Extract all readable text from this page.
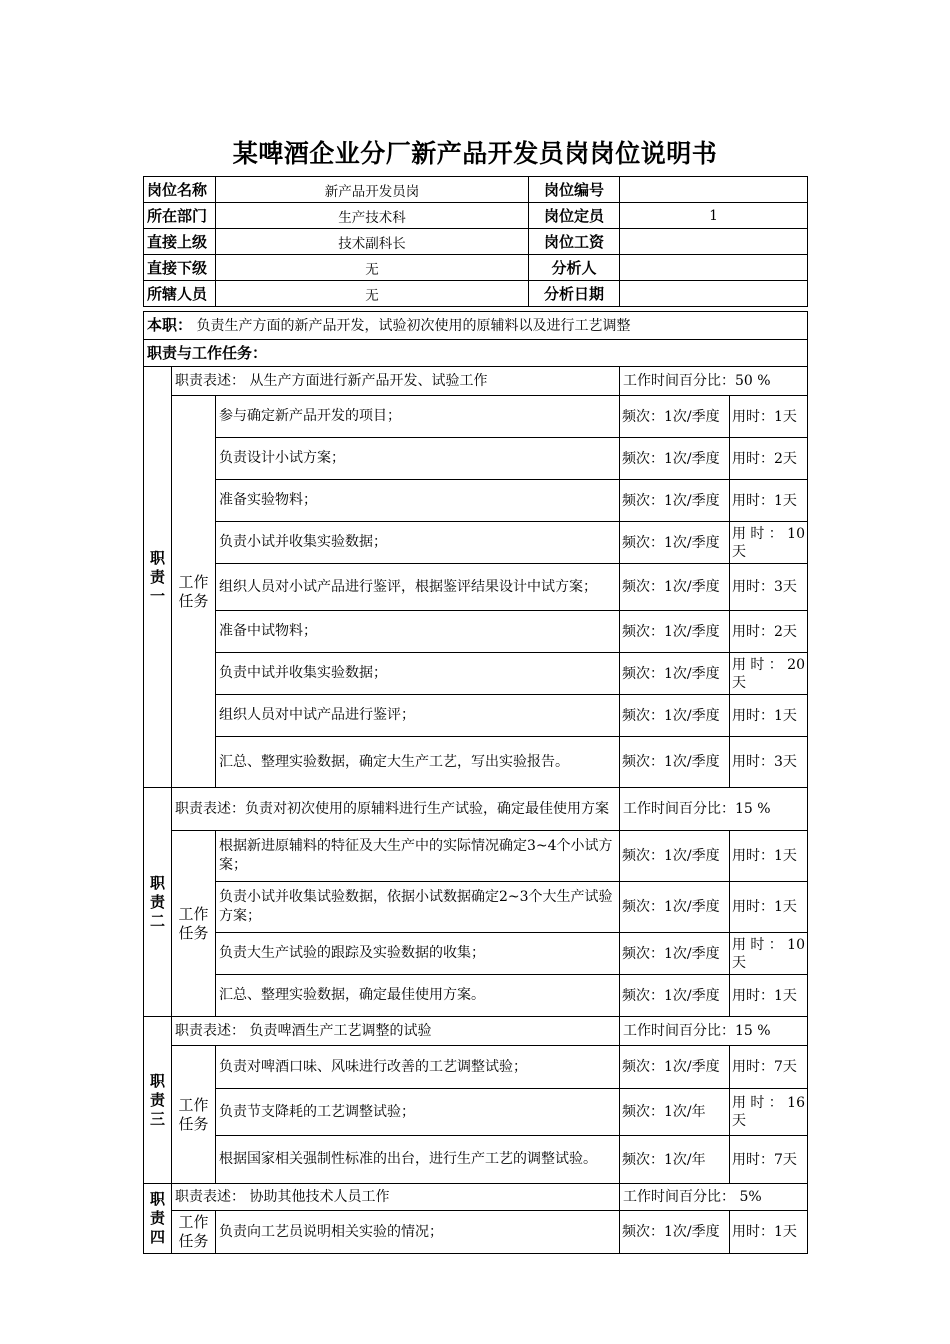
某啤酒企业分厂新产品开发员岗岗位说明书
岗位名称	新产品开发员岗	岗位编号	
所在部门	生产技术科	岗位定员	1
直接上级	技术副科长	岗位工资	
直接下级	无	分析人	
所辖人员	无	分析日期	
本职： 负责生产方面的新产品开发，试验初次使用的原辅料以及进行工艺调整				
职责与工作任务：				
职责一	职责表述： 从生产方面进行新产品开发、试验工作		工作时间百分比：50 %	
	工作任务	参与确定新产品开发的项目；	频次：1次/季度	用时：1天
		负责设计小试方案；	频次：1次/季度	用时：2天
		准备实验物料；	频次：1次/季度	用时：1天
		负责小试并收集实验数据；	频次：1次/季度	用时：10天
		组织人员对小试产品进行鉴评，根据鉴评结果设计中试方案；	频次：1次/季度	用时：3天
		准备中试物料；	频次：1次/季度	用时：2天
		负责中试并收集实验数据；	频次：1次/季度	用时：20天
		组织人员对中试产品进行鉴评；	频次：1次/季度	用时：1天
		汇总、整理实验数据，确定大生产工艺，写出实验报告。	频次：1次/季度	用时：3天
职责二	职责表述：负责对初次使用的原辅料进行生产试验，确定最佳使用方案		工作时间百分比：15 %	
	工作任务	根据新进原辅料的特征及大生产中的实际情况确定3~4个小试方案；	频次：1次/季度	用时：1天
		负责小试并收集试验数据，依据小试数据确定2~3个大生产试验方案；	频次：1次/季度	用时：1天
		负责大生产试验的跟踪及实验数据的收集；	频次：1次/季度	用时：10天
		汇总、整理实验数据，确定最佳使用方案。	频次：1次/季度	用时：1天
职责三	职责表述： 负责啤酒生产工艺调整的试验		工作时间百分比：15 %	
	工作任务	负责对啤酒口味、风味进行改善的工艺调整试验；	频次：1次/季度	用时：7天
		负责节支降耗的工艺调整试验；	频次：1次/年	用时：16天
		根据国家相关强制性标准的出台，进行生产工艺的调整试验。	频次：1次/年	用时：7天
职责四	职责表述： 协助其他技术人员工作		工作时间百分比： 5%	
	工作任务	负责向工艺员说明相关实验的情况；	频次：1次/季度	用时：1天
